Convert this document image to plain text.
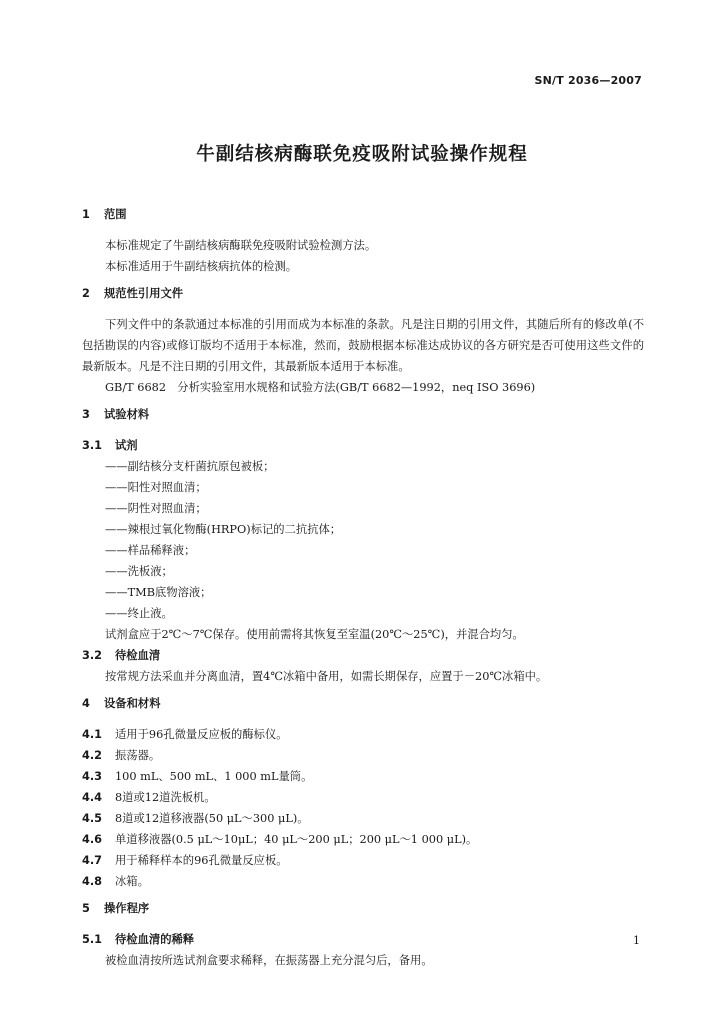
SN/T 2036—2007
牛副结核病酶联免疫吸附试验操作规程
1 范围
本标准规定了牛副结核病酶联免疫吸附试验检测方法。
本标准适用于牛副结核病抗体的检测。
2 规范性引用文件
下列文件中的条款通过本标准的引用而成为本标准的条款。凡是注日期的引用文件，其随后所有的修改单(不包括勘误的内容)或修订版均不适用于本标准，然而，鼓励根据本标准达成协议的各方研究是否可使用这些文件的最新版本。凡是不注日期的引用文件，其最新版本适用于本标准。
GB/T 6682　分析实验室用水规格和试验方法(GB/T 6682—1992，neq ISO 3696)
3 试验材料
3.1 试剂
——副结核分支杆菌抗原包被板；
——阳性对照血清；
——阴性对照血清；
——辣根过氧化物酶(HRPO)标记的二抗抗体；
——样品稀释液；
——洗板液；
——TMB底物溶液；
——终止液。
试剂盒应于2℃～7℃保存。使用前需将其恢复至室温(20℃～25℃)，并混合均匀。
3.2 待检血清
按常规方法采血并分离血清，置4℃冰箱中备用，如需长期保存，应置于－20℃冰箱中。
4 设备和材料
4.1	适用于96孔微量反应板的酶标仪。
4.2	振荡器。
4.3	100 mL、500 mL、1 000 mL量筒。
4.4	8道或12道洗板机。
4.5	8道或12道移液器(50 μL～300 μL)。
4.6	单道移液器(0.5 μL～10μL；40 μL～200 μL；200 μL～1 000 μL)。
4.7	用于稀释样本的96孔微量反应板。
4.8	冰箱。
5 操作程序
5.1 待检血清的稀释
被检血清按所选试剂盒要求稀释，在振荡器上充分混匀后，备用。
1
